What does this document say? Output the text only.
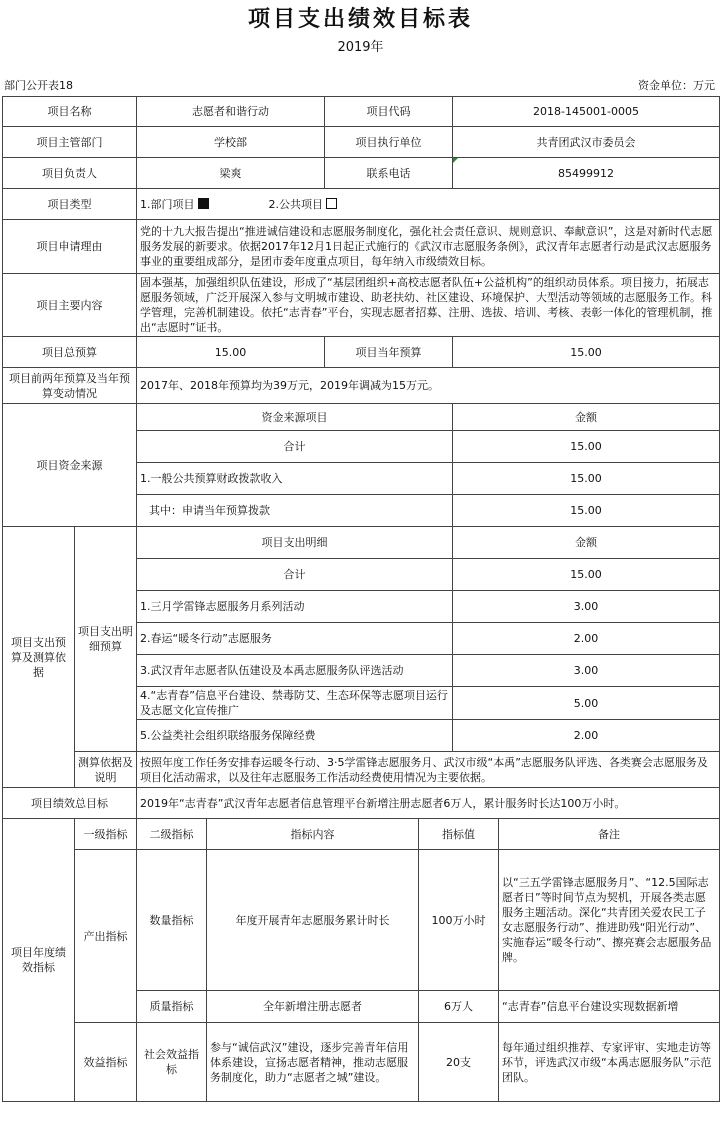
项目支出绩效目标表
2019年
部门公开表18	资金单位：万元
项目名称		志愿者和谐行动		项目代码		2018-145001-0005	
项目主管部门		学校部		项目执行单位		共青团武汉市委员会	
项目负责人		梁爽		联系电话		85499912	
项目类型		1.部门项目 2.公共项目					
项目申请理由		党的十九大报告提出“推进诚信建设和志愿服务制度化，强化社会责任意识、规则意识、奉献意识”，这是对新时代志愿服务发展的新要求。依据2017年12月1日起正式施行的《武汉市志愿服务条例》，武汉青年志愿者行动是武汉志愿服务事业的重要组成部分，是团市委年度重点项目，每年纳入市级绩效目标。					
项目主要内容		固本强基，加强组织队伍建设，形成了“基层团组织+高校志愿者队伍+公益机构”的组织动员体系。项目接力，拓展志愿服务领域，广泛开展深入参与文明城市建设、助老扶幼、社区建设、环境保护、大型活动等领域的志愿服务工作。科学管理，完善机制建设。依托“志青春”平台，实现志愿者招募、注册、选拔、培训、考核、表彰一体化的管理机制，推出“志愿时”证书。					
项目总预算		15.00		项目当年预算		15.00	
项目前两年预算及当年预算变动情况		2017年、2018年预算均为39万元，2019年调减为15万元。					
项目资金来源		资金来源项目				金额	
		合计				15.00	
		1.一般公共预算财政拨款收入				15.00	
		其中：申请当年预算拨款				15.00	
项目支出预算及测算依据	项目支出明细预算	项目支出明细				金额	
		合计				15.00	
		1.三月学雷锋志愿服务月系列活动				3.00	
		2.春运“暖冬行动”志愿服务				2.00	
		3.武汉青年志愿者队伍建设及本禹志愿服务队评选活动				3.00	
		4.“志青春”信息平台建设、禁毒防艾、生态环保等志愿项目运行及志愿文化宣传推广				5.00	
		5.公益类社会组织联络服务保障经费				2.00	
	测算依据及说明	按照年度工作任务安排春运暖冬行动、3·5学雷锋志愿服务月、武汉市级“本禹”志愿服务队评选、各类赛会志愿服务及项目化活动需求，以及往年志愿服务工作活动经费使用情况为主要依据。					
项目绩效总目标		2019年“志青春”武汉青年志愿者信息管理平台新增注册志愿者6万人，累计服务时长达100万小时。					
项目年度绩效指标	一级指标	二级指标	指标内容		指标值		备注
	产出指标	数量指标	年度开展青年志愿服务累计时长		100万小时		以“三五学雷锋志愿服务月”、“12.5国际志愿者日”等时间节点为契机，开展各类志愿服务主题活动。深化“共青团关爱农民工子女志愿服务行动”、推进助残“阳光行动”、实施春运“暖冬行动”、擦亮赛会志愿服务品牌。
		质量指标	全年新增注册志愿者		6万人		“志青春”信息平台建设实现数据新增
	效益指标	社会效益指标	参与“诚信武汉”建设，逐步完善青年信用体系建设，宣扬志愿者精神，推动志愿服务制度化，助力“志愿者之城”建设。		20支		每年通过组织推荐、专家评审、实地走访等环节，评选武汉市级“本禹志愿服务队”示范团队。
